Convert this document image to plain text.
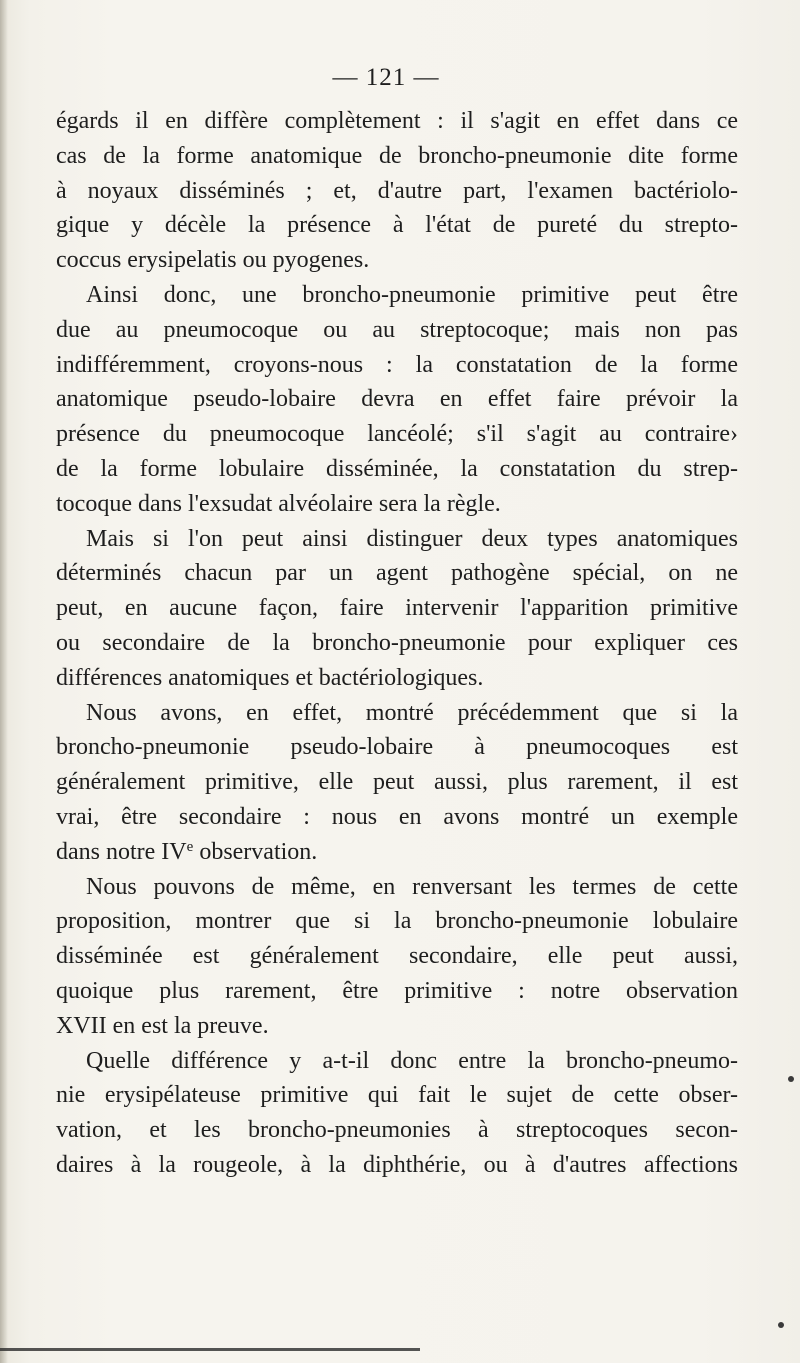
— 121 —
égards il en diffère complètement : il s'agit en effet dans ce
cas de la forme anatomique de broncho-pneumonie dite forme
à noyaux disséminés ; et, d'autre part, l'examen bactériolo-
gique y décèle la présence à l'état de pureté du strepto-
coccus erysipelatis ou pyogenes.
Ainsi donc, une broncho-pneumonie primitive peut être
due au pneumocoque ou au streptocoque; mais non pas
indifféremment, croyons-nous : la constatation de la forme
anatomique pseudo-lobaire devra en effet faire prévoir la
présence du pneumocoque lancéolé; s'il s'agit au contraire›
de la forme lobulaire disséminée, la constatation du strep-
tocoque dans l'exsudat alvéolaire sera la règle.
Mais si l'on peut ainsi distinguer deux types anatomiques
déterminés chacun par un agent pathogène spécial, on ne
peut, en aucune façon, faire intervenir l'apparition primitive
ou secondaire de la broncho-pneumonie pour expliquer ces
différences anatomiques et bactériologiques.
Nous avons, en effet, montré précédemment que si la
broncho-pneumonie pseudo-lobaire à pneumocoques est
généralement primitive, elle peut aussi, plus rarement, il est
vrai, être secondaire : nous en avons montré un exemple
dans notre IVe observation.
Nous pouvons de même, en renversant les termes de cette
proposition, montrer que si la broncho-pneumonie lobulaire
disséminée est généralement secondaire, elle peut aussi,
quoique plus rarement, être primitive : notre observation
XVII en est la preuve.
Quelle différence y a-t-il donc entre la broncho-pneumo-
nie erysipélateuse primitive qui fait le sujet de cette obser-
vation, et les broncho-pneumonies à streptocoques secon-
daires à la rougeole, à la diphthérie, ou à d'autres affections
